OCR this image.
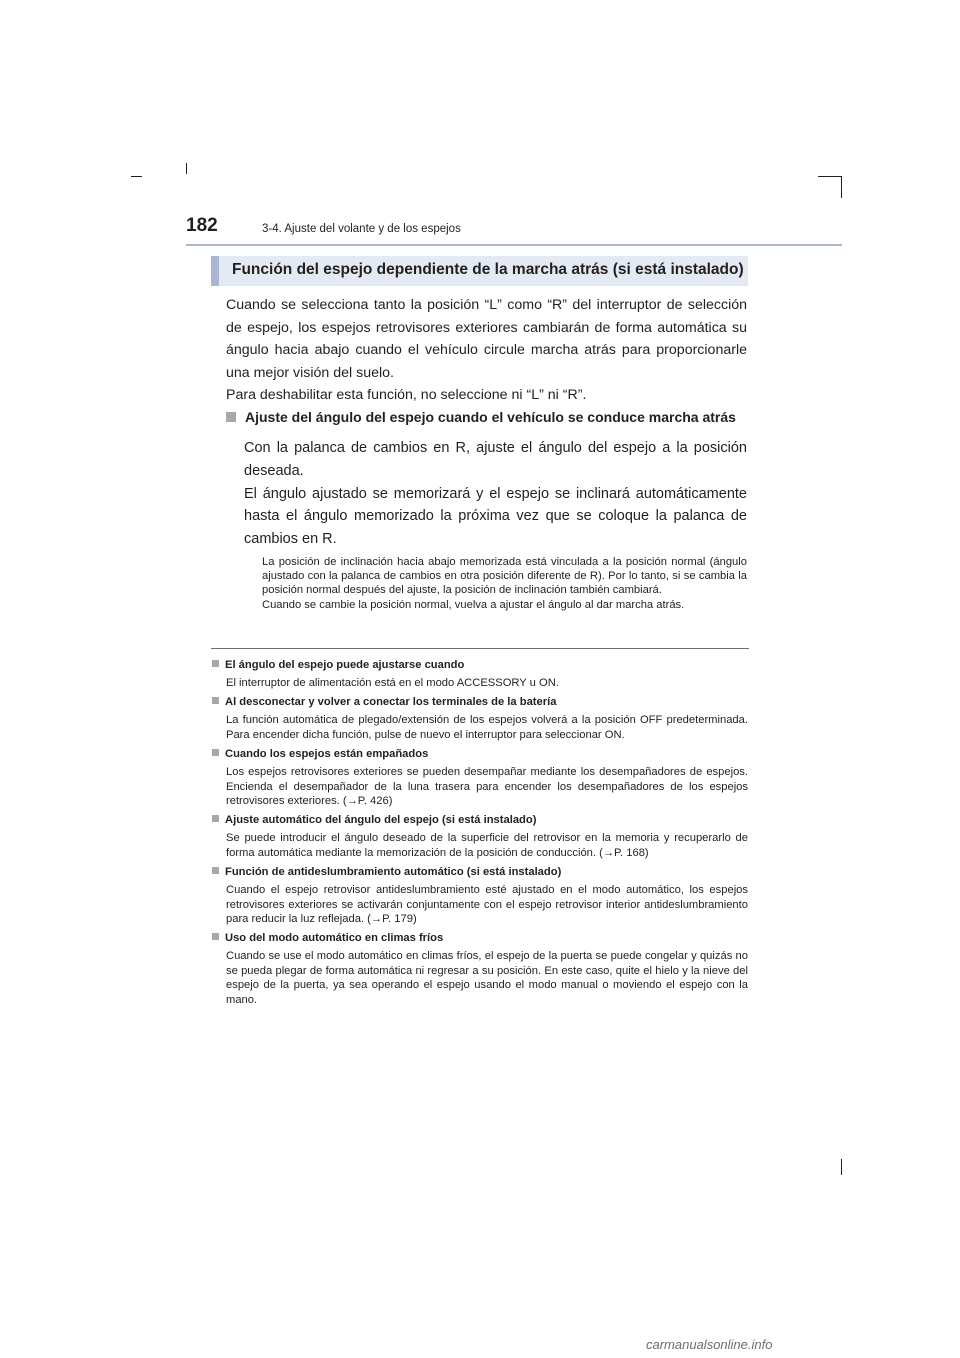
182	3-4. Ajuste del volante y de los espejos
Función del espejo dependiente de la marcha atrás (si está instalado)

Cuando se selecciona tanto la posición “L” como “R” del interruptor de selección de espejo, los espejos retrovisores exteriores cambiarán de forma automática su ángulo hacia abajo cuando el vehículo circule marcha atrás para proporcionarle una mejor visión del suelo.

Para deshabilitar esta función, no seleccione ni “L” ni “R”.

Ajuste del ángulo del espejo cuando el vehículo se conduce marcha atrás

Con la palanca de cambios en R, ajuste el ángulo del espejo a la posición deseada.

El ángulo ajustado se memorizará y el espejo se inclinará automáticamente hasta el ángulo memorizado la próxima vez que se coloque la palanca de cambios en R.

La posición de inclinación hacia abajo memorizada está vinculada a la posición normal (ángulo ajustado con la palanca de cambios en otra posición diferente de R). Por lo tanto, si se cambia la posición normal después del ajuste, la posición de inclinación también cambiará.

Cuando se cambie la posición normal, vuelva a ajustar el ángulo al dar marcha atrás.

El ángulo del espejo puede ajustarse cuando
El interruptor de alimentación está en el modo ACCESSORY u ON.
Al desconectar y volver a conectar los terminales de la batería
La función automática de plegado/extensión de los espejos volverá a la posición OFF predeterminada. Para encender dicha función, pulse de nuevo el interruptor para seleccionar ON.
Cuando los espejos están empañados
Los espejos retrovisores exteriores se pueden desempañar mediante los desempañadores de espejos. Encienda el desempañador de la luna trasera para encender los desempañadores de los espejos retrovisores exteriores. (→P. 426)
Ajuste automático del ángulo del espejo (si está instalado)
Se puede introducir el ángulo deseado de la superficie del retrovisor en la memoria y recuperarlo de forma automática mediante la memorización de la posición de conducción. (→P. 168)
Función de antideslumbramiento automático (si está instalado)
Cuando el espejo retrovisor antideslumbramiento esté ajustado en el modo automático, los espejos retrovisores exteriores se activarán conjuntamente con el espejo retrovisor interior antideslumbramiento para reducir la luz reflejada. (→P. 179)
Uso del modo automático en climas fríos
Cuando se use el modo automático en climas fríos, el espejo de la puerta se puede congelar y quizás no se pueda plegar de forma automática ni regresar a su posición. En este caso, quite el hielo y la nieve del espejo de la puerta, ya sea operando el espejo usando el modo manual o moviendo el espejo con la mano.
carmanualsonline.info
